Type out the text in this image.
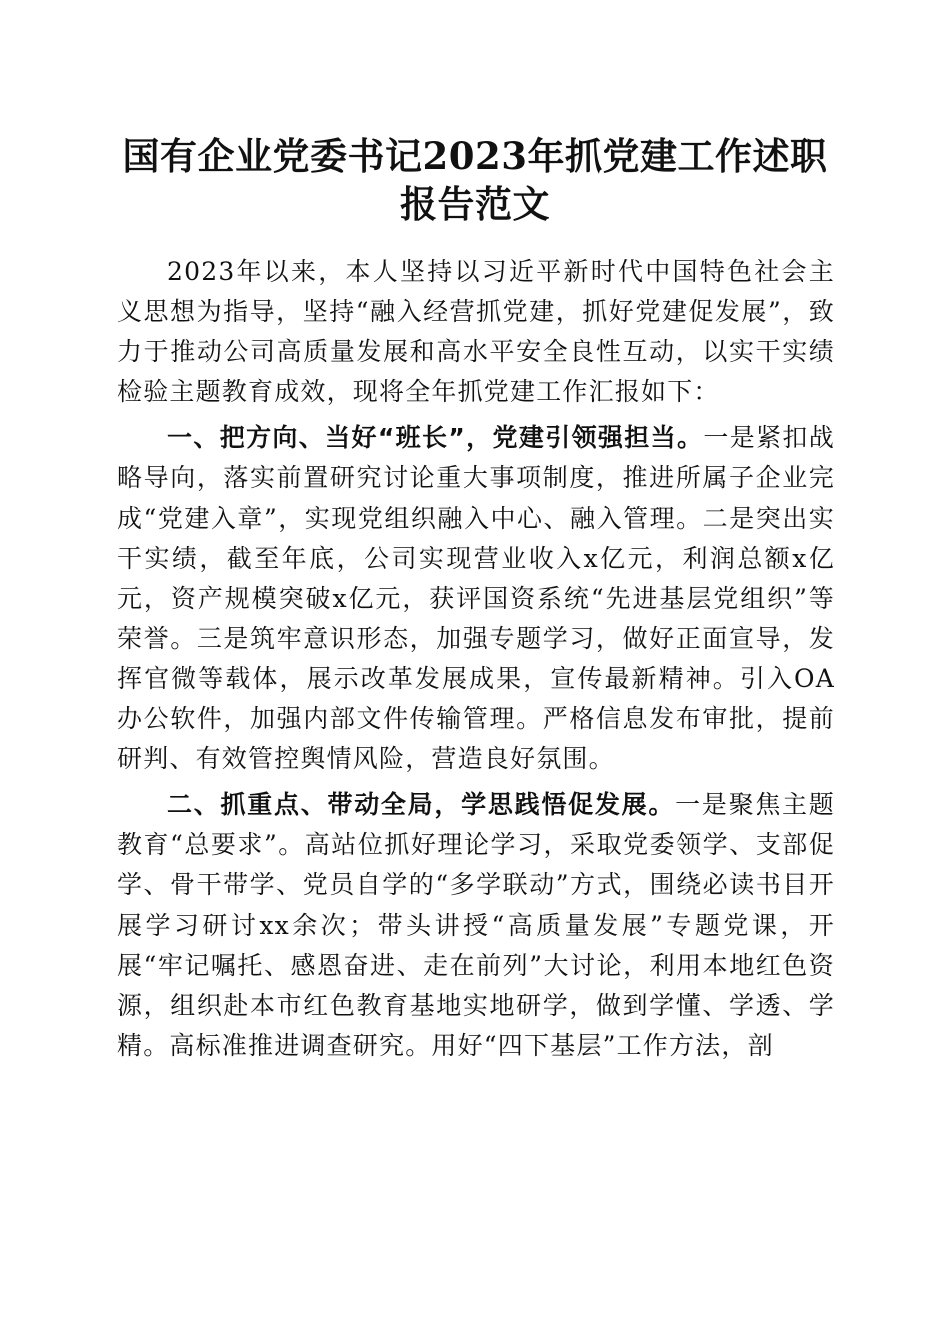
国有企业党委书记2023年抓党建工作述职报告范文

2023年以来，本人坚持以习近平新时代中国特色社会主义思想为指导，坚持“融入经营抓党建，抓好党建促发展”，致力于推动公司高质量发展和高水平安全良性互动，以实干实绩检验主题教育成效，现将全年抓党建工作汇报如下：

一、把方向、当好“班长”，党建引领强担当。一是紧扣战略导向，落实前置研究讨论重大事项制度，推进所属子企业完成“党建入章”，实现党组织融入中心、融入管理。二是突出实干实绩，截至年底，公司实现营业收入x亿元，利润总额x亿元，资产规模突破x亿元，获评国资系统“先进基层党组织”等荣誉。三是筑牢意识形态，加强专题学习，做好正面宣导，发挥官微等载体，展示改革发展成果，宣传最新精神。引入OA办公软件，加强内部文件传输管理。严格信息发布审批，提前研判、有效管控舆情风险，营造良好氛围。

二、抓重点、带动全局，学思践悟促发展。一是聚焦主题教育“总要求”。高站位抓好理论学习，采取党委领学、支部促学、骨干带学、党员自学的“多学联动”方式，围绕必读书目开展学习研讨xx余次；带头讲授“高质量发展”专题党课，开展“牢记嘱托、感恩奋进、走在前列”大讨论，利用本地红色资源，组织赴本市红色教育基地实地研学，做到学懂、学透、学精。高标准推进调查研究。用好“四下基层”工作方法，剖
